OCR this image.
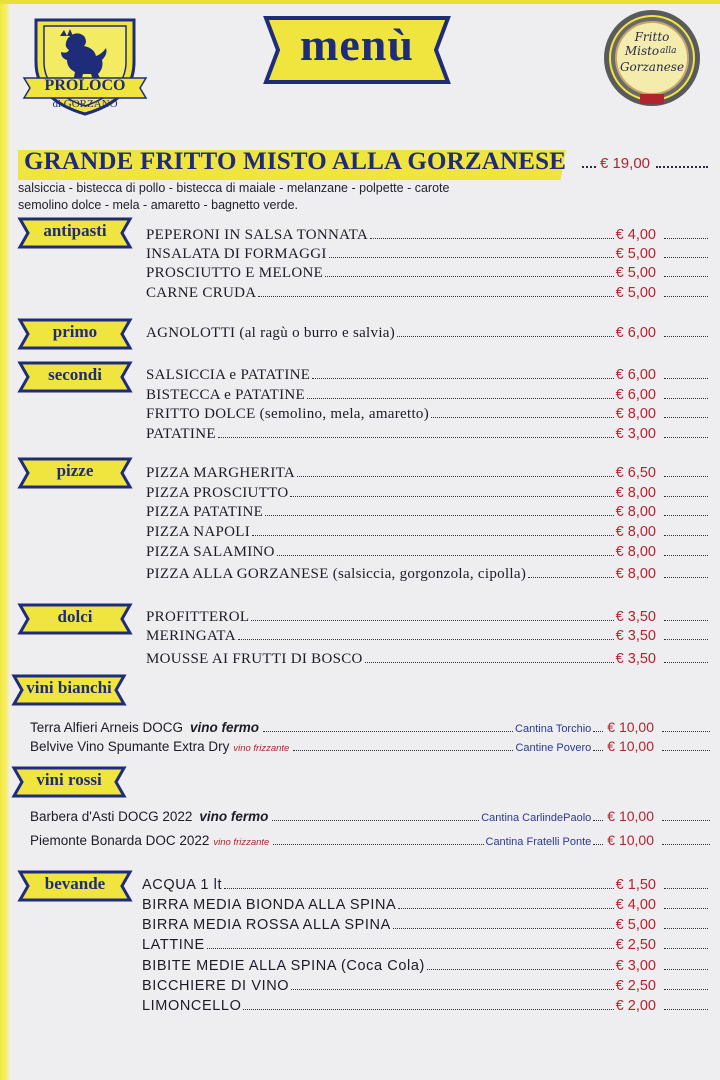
PROLOCO
di GORZANO
menù	Fritto
Misto alla
Gorzanese
GRANDE FRITTO MISTO ALLA GORZANESE € 19,00
salsiccia - bistecca di pollo - bistecca di maiale - melanzane - polpette - carote
semolino dolce - mela - amaretto - bagnetto verde.
antipasti
primo
secondi
pizze
dolci
vini bianchi
vini rossi
bevande
PEPERONI IN SALSA TONNATA	€ 4,00
INSALATA DI FORMAGGI	€ 5,00
PROSCIUTTO E MELONE	€ 5,00
CARNE CRUDA	€ 5,00
AGNOLOTTI (al ragù o burro e salvia)	€ 6,00
SALSICCIA e PATATINE	€ 6,00
BISTECCA e PATATINE	€ 6,00
FRITTO DOLCE (semolino, mela, amaretto)	€ 8,00
PATATINE	€ 3,00
PIZZA MARGHERITA	€ 6,50
PIZZA PROSCIUTTO	€ 8,00
PIZZA PATATINE	€ 8,00
PIZZA NAPOLI	€ 8,00
PIZZA SALAMINO	€ 8,00
PIZZA ALLA GORZANESE (salsiccia, gorgonzola, cipolla)	€ 8,00
PROFITTEROL	€ 3,50
MERINGATA	€ 3,50
MOUSSE AI FRUTTI DI BOSCO	€ 3,50
Terra Alfieri Arneis DOCG vino fermo	Cantina Torchio € 10,00
Belvive Vino Spumante Extra Dry vino frizzante	Cantine Povero € 10,00
Barbera d'Asti DOCG 2022 vino fermo	Cantina CarlindePaolo € 10,00
Piemonte Bonarda DOC 2022 vino frizzante	Cantina Fratelli Ponte € 10,00
ACQUA 1 lt	€ 1,50
BIRRA MEDIA BIONDA ALLA SPINA	€ 4,00
BIRRA MEDIA ROSSA ALLA SPINA	€ 5,00
LATTINE	€ 2,50
BIBITE MEDIE ALLA SPINA (Coca Cola)	€ 3,00
BICCHIERE DI VINO	€ 2,50
LIMONCELLO	€ 2,00
